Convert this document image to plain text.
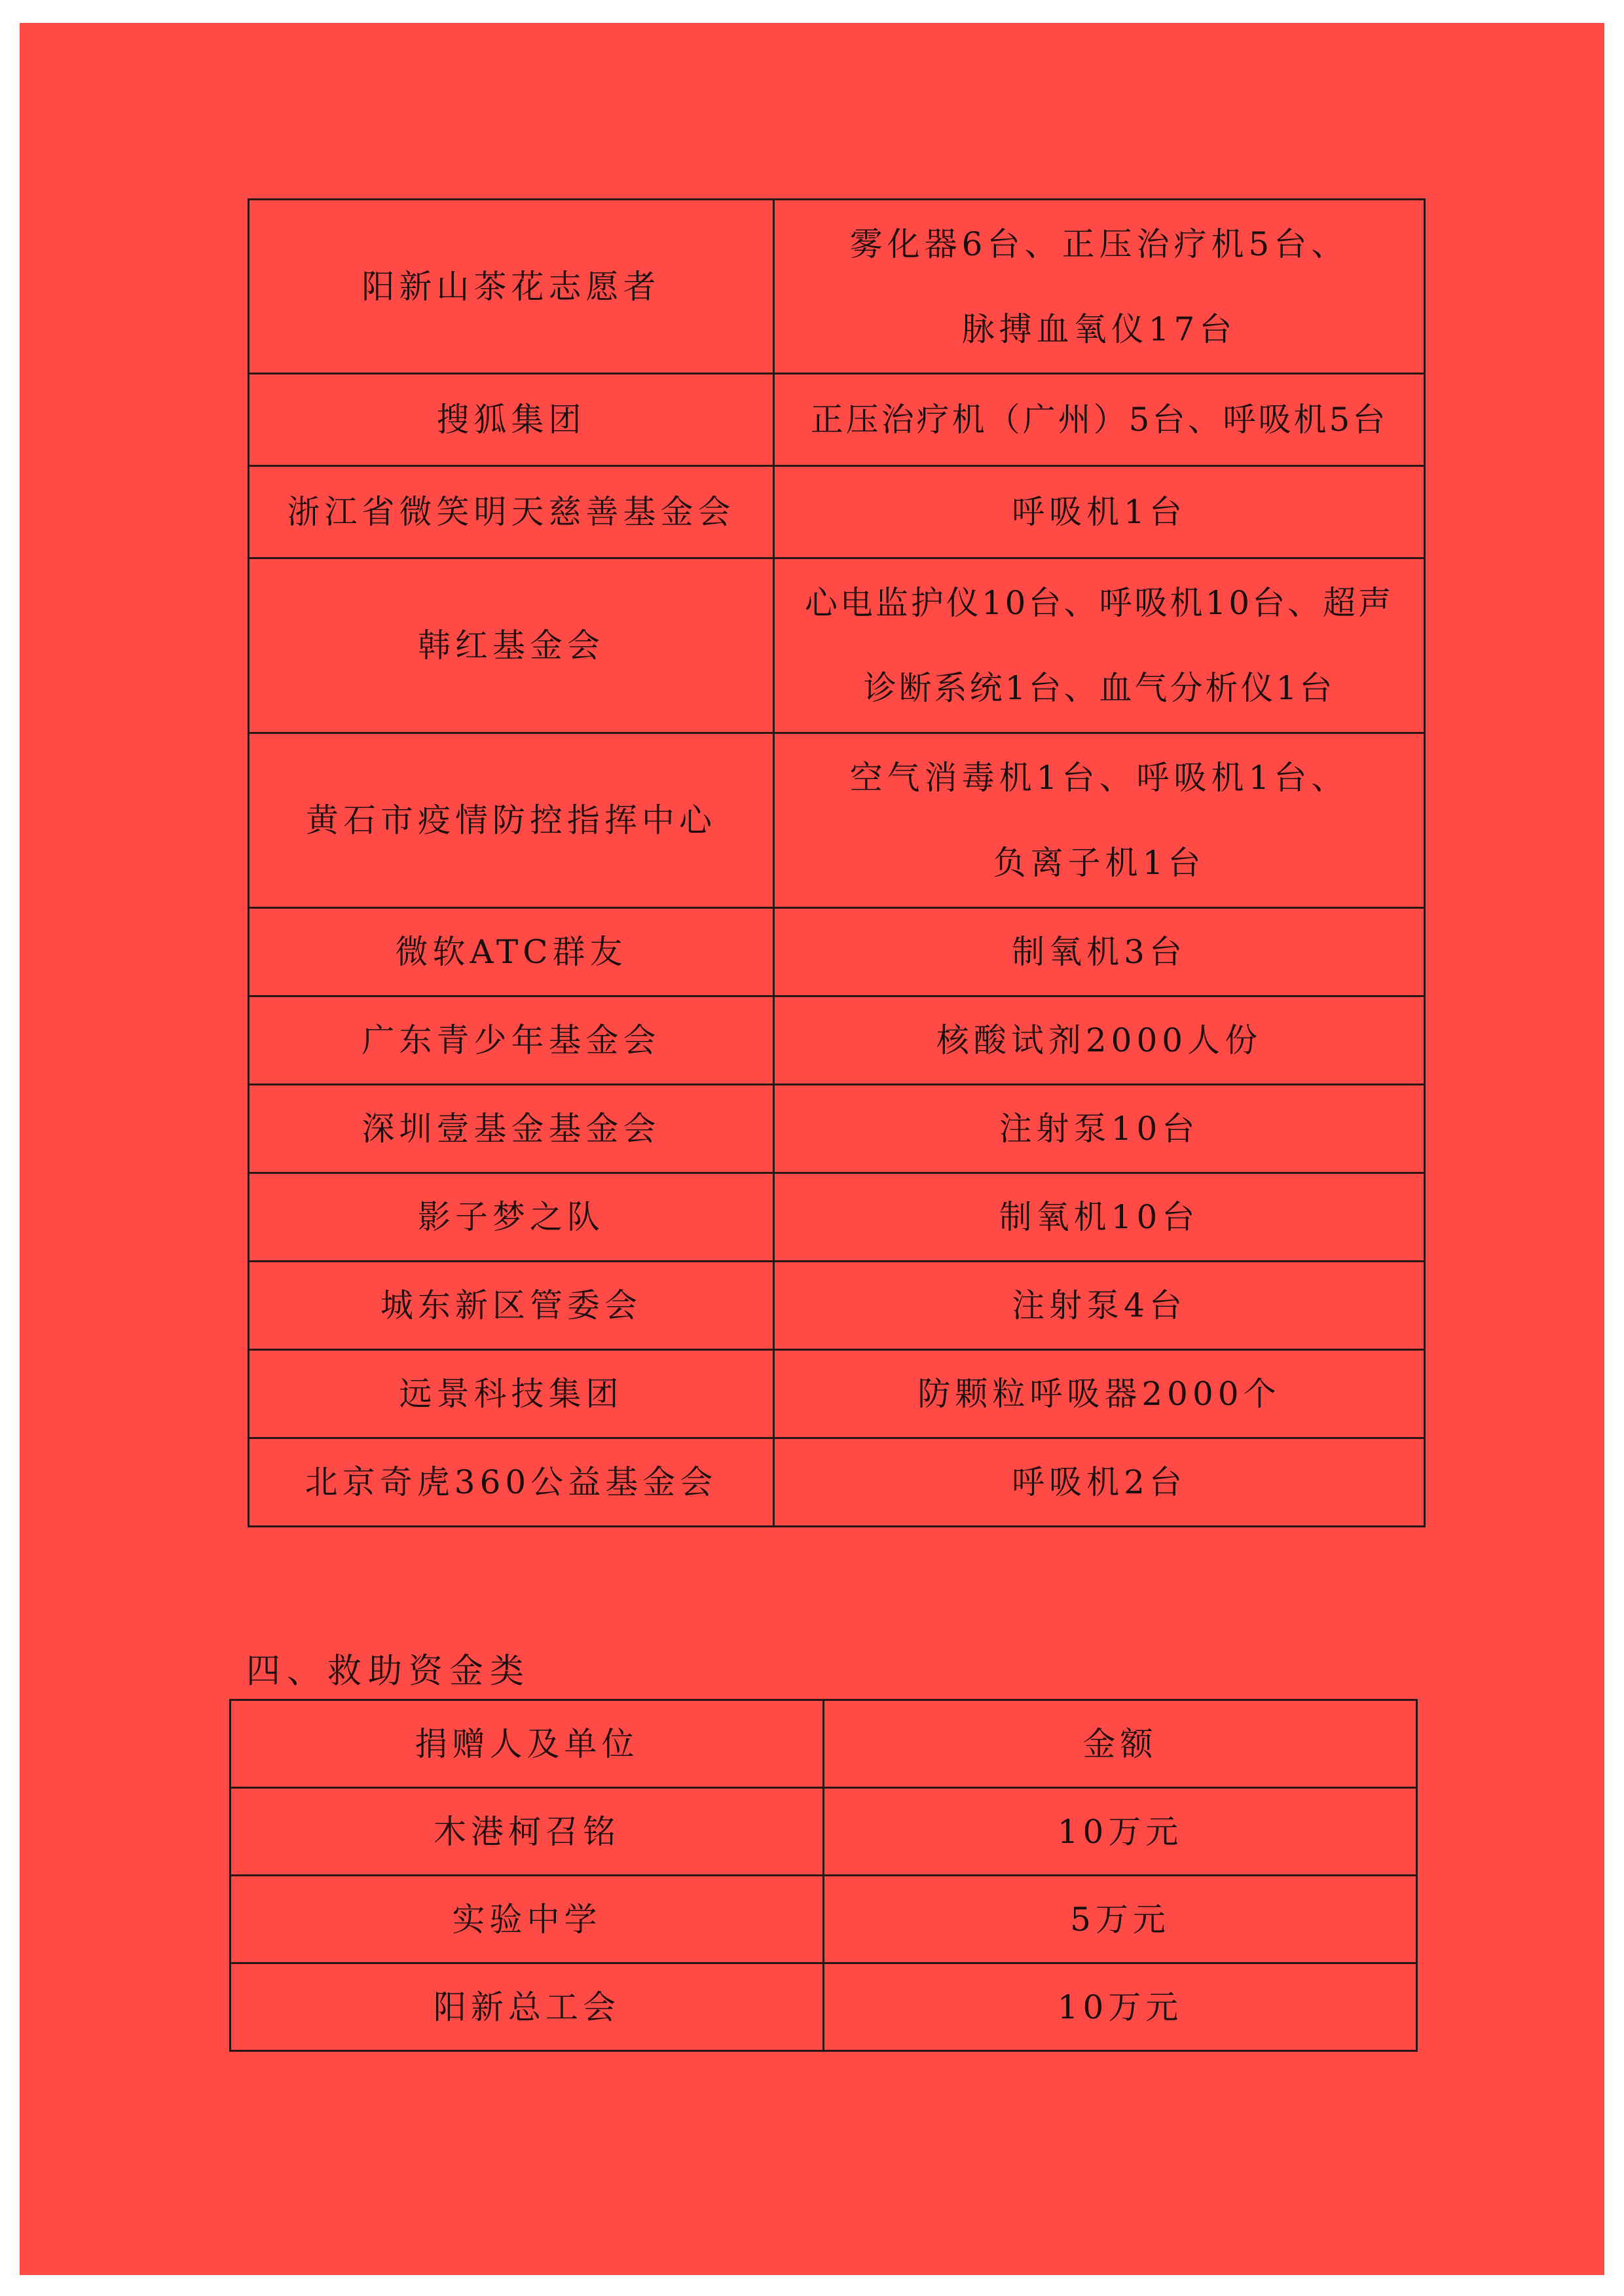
阳新山茶花志愿者	雾化器6台、正压治疗机5台、
脉搏血氧仪17台
搜狐集团	正压治疗机（广州）5台、呼吸机5台
浙江省微笑明天慈善基金会	呼吸机1台
韩红基金会	心电监护仪10台、呼吸机10台、超声
诊断系统1台、血气分析仪1台
黄石市疫情防控指挥中心	空气消毒机1台、呼吸机1台、
负离子机1台
微软ATC群友	制氧机3台
广东青少年基金会	核酸试剂2000人份
深圳壹基金基金会	注射泵10台
影子梦之队	制氧机10台
城东新区管委会	注射泵4台
远景科技集团	防颗粒呼吸器2000个
北京奇虎360公益基金会	呼吸机2台
四、救助资金类
捐赠人及单位	金额
木港柯召铭	10万元
实验中学	5万元
阳新总工会	10万元
